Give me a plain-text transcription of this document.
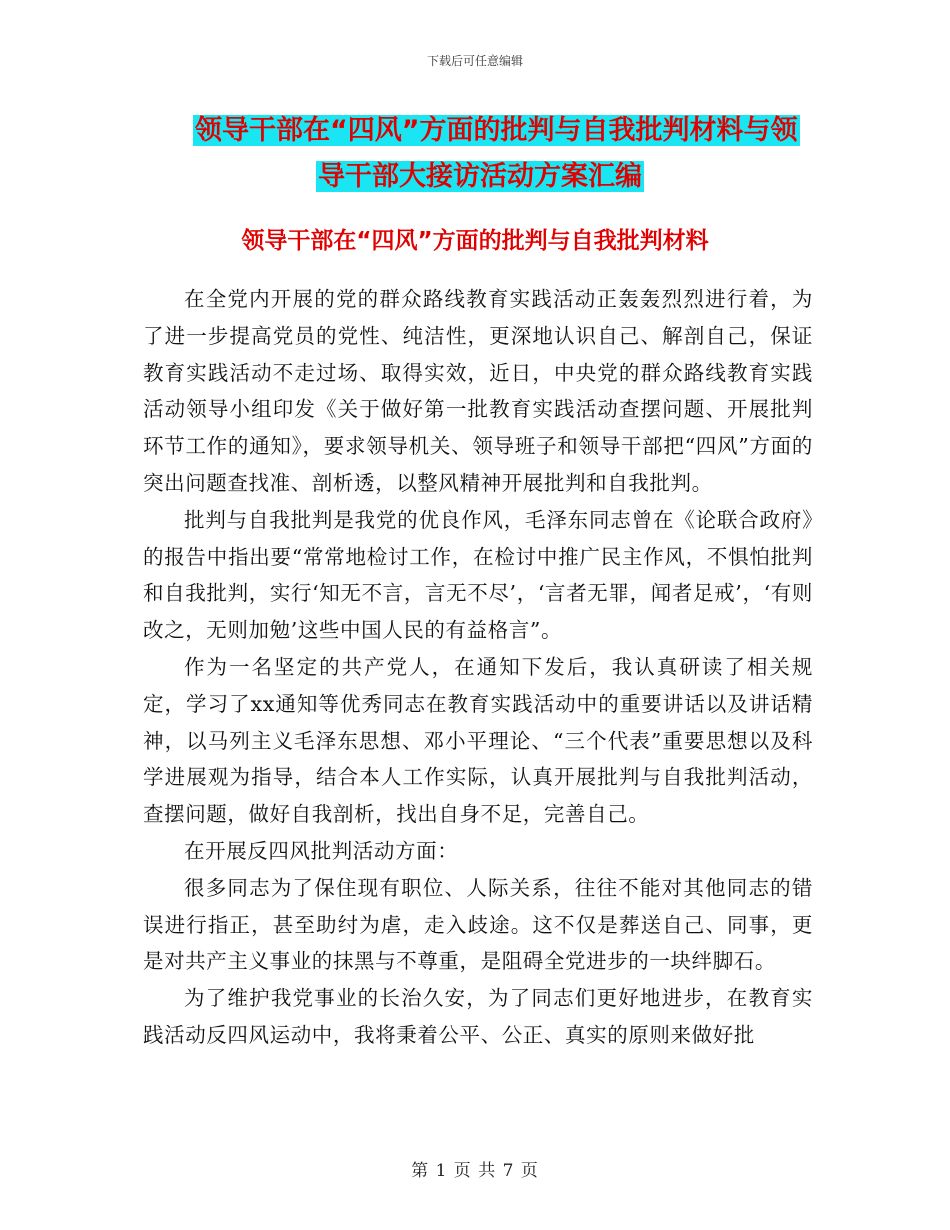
下载后可任意编辑
领导干部在“四风”方面的批判与自我批判材料与领
导干部大接访活动方案汇编
领导干部在“四风”方面的批判与自我批判材料

在全党内开展的党的群众路线教育实践活动正轰轰烈烈进行着，为了进一步提高党员的党性、纯洁性，更深地认识自己、解剖自己，保证教育实践活动不走过场、取得实效，近日，中央党的群众路线教育实践活动领导小组印发《关于做好第一批教育实践活动查摆问题、开展批判环节工作的通知》，要求领导机关、领导班子和领导干部把“四风”方面的突出问题查找准、剖析透，以整风精神开展批判和自我批判。

批判与自我批判是我党的优良作风，毛泽东同志曾在《论联合政府》的报告中指出要“常常地检讨工作，在检讨中推广民主作风，不惧怕批判和自我批判，实行‘知无不言，言无不尽’，‘言者无罪，闻者足戒’，‘有则改之，无则加勉’这些中国人民的有益格言”。

作为一名坚定的共产党人，在通知下发后，我认真研读了相关规定，学习了xx通知等优秀同志在教育实践活动中的重要讲话以及讲话精神，以马列主义毛泽东思想、邓小平理论、“三个代表”重要思想以及科学进展观为指导，结合本人工作实际，认真开展批判与自我批判活动，查摆问题，做好自我剖析，找出自身不足，完善自己。

在开展反四风批判活动方面：

很多同志为了保住现有职位、人际关系，往往不能对其他同志的错误进行指正，甚至助纣为虐，走入歧途。这不仅是葬送自己、同事，更是对共产主义事业的抹黑与不尊重，是阻碍全党进步的一块绊脚石。

为了维护我党事业的长治久安，为了同志们更好地进步，在教育实践活动反四风运动中，我将秉着公平、公正、真实的原则来做好批

第 1 页 共 7 页
